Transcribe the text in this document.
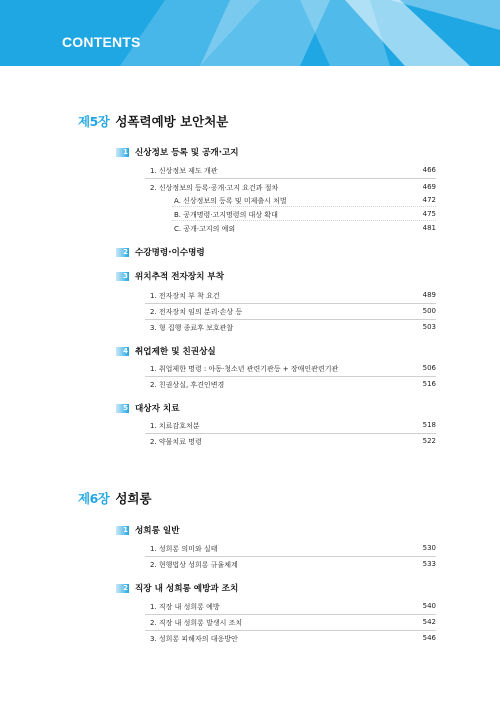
CONTENTS
제5장 성폭력예방 보안처분
1 신상정보 등록 및 공개·고지
1. 신상정보 제도 개관	466
2. 신상정보의 등록·공개·고지 요건과 절차	469
A. 신상정보의 등록 및 미제출시 처벌	472
B. 공개명령·고지명령의 대상 확대	475
C. 공개·고지의 예외	481
2 수강명령·이수명령
3 위치추적 전자장치 부착
1. 전자장치 부 착 요건	489
2. 전자장치 임의 분리·손상 등	500
3. 형 집행 종료후 보호관찰	503
4 취업제한 및 친권상실
1. 취업제한 명령 : 아동·청소년 관련기관등 + 장애인관련기관	506
2. 친권상실, 후견인변경	516
5 대상자 치료
1. 치료감호처분	518
2. 약물치료 명령	522
제6장 성희롱
1 성희롱 일반
1. 성희롱 의미와 실태	530
2. 현행법상 성희롱 규율체계	533
2 직장 내 성희롱 예방과 조치
1. 직장 내 성희롱 예방	540
2. 직장 내 성희롱 발생시 조치	542
3. 성희롱 피해자의 대응방안	546
